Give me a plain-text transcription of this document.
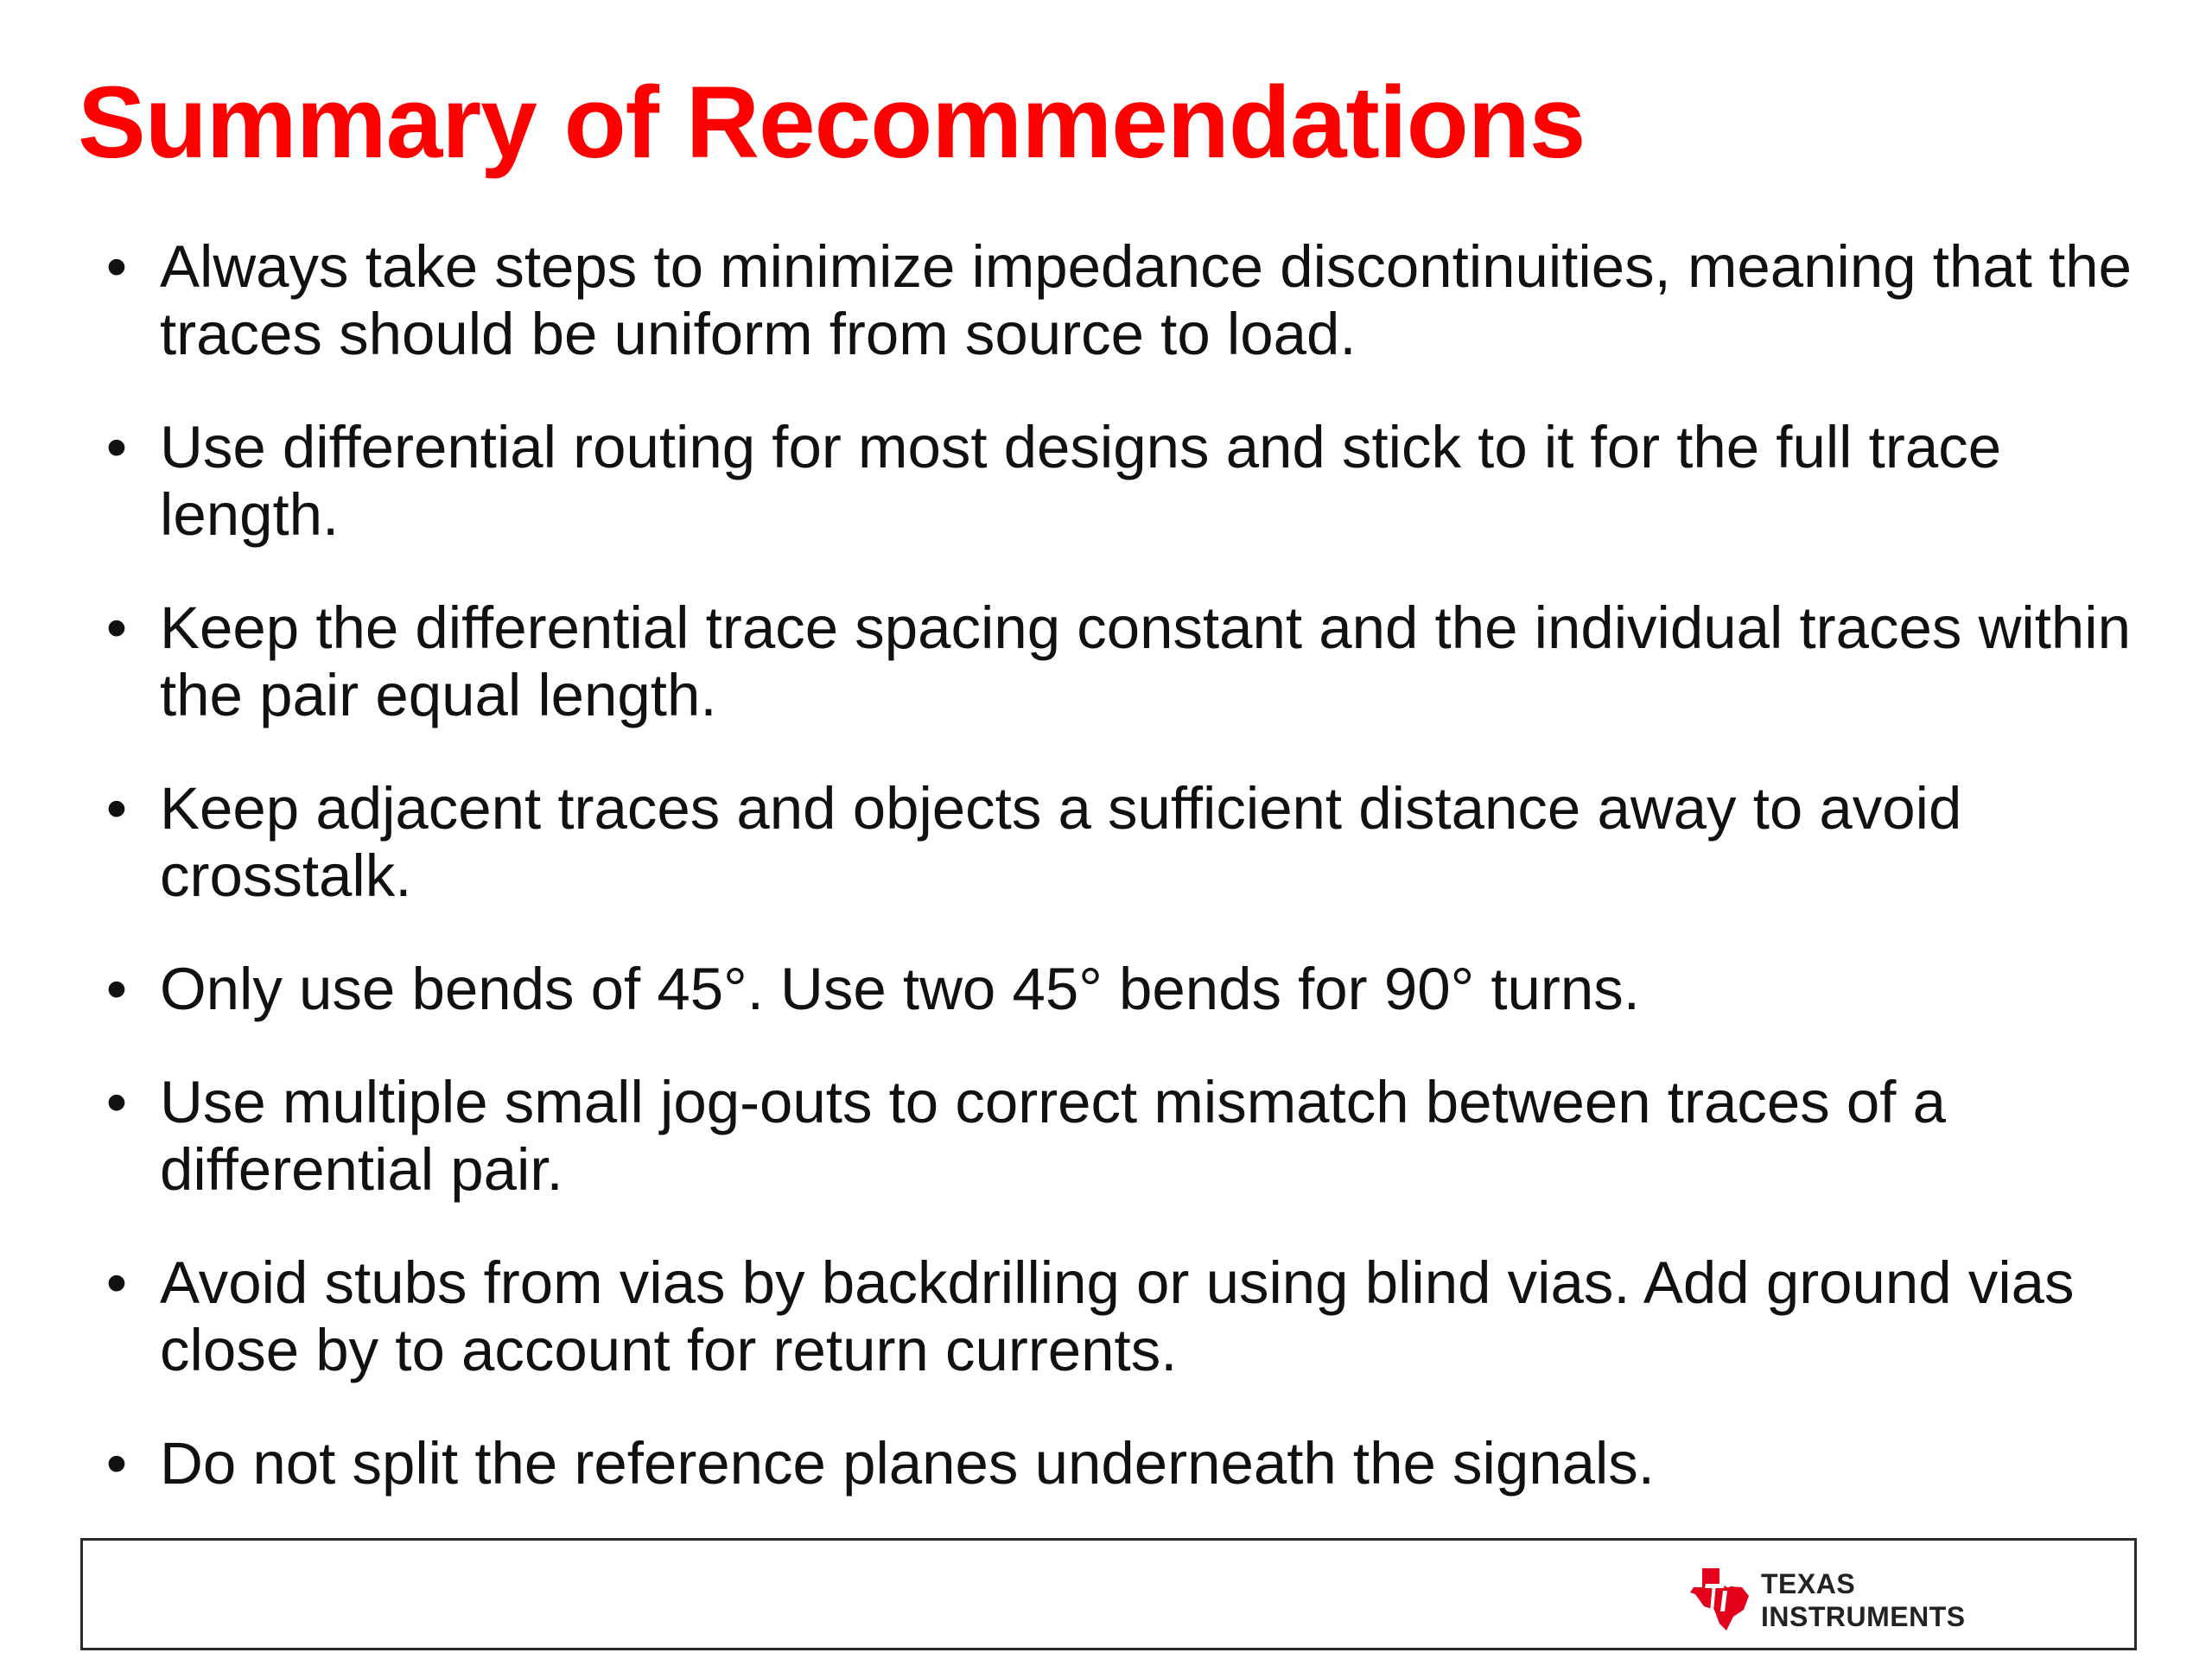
Summary of Recommendations
• Always take steps to minimize impedance discontinuities, meaning that the traces should be uniform from source to load.
• Use differential routing for most designs and stick to it for the full trace length.
• Keep the differential trace spacing constant and the individual traces within the pair equal length.
• Keep adjacent traces and objects a sufficient distance away to avoid crosstalk.
• Only use bends of 45°. Use two 45° bends for 90° turns.
• Use multiple small jog-outs to correct mismatch between traces of a differential pair.
• Avoid stubs from vias by backdrilling or using blind vias. Add ground vias close by to account for return currents.
• Do not split the reference planes underneath the signals.
TEXAS
INSTRUMENTS
